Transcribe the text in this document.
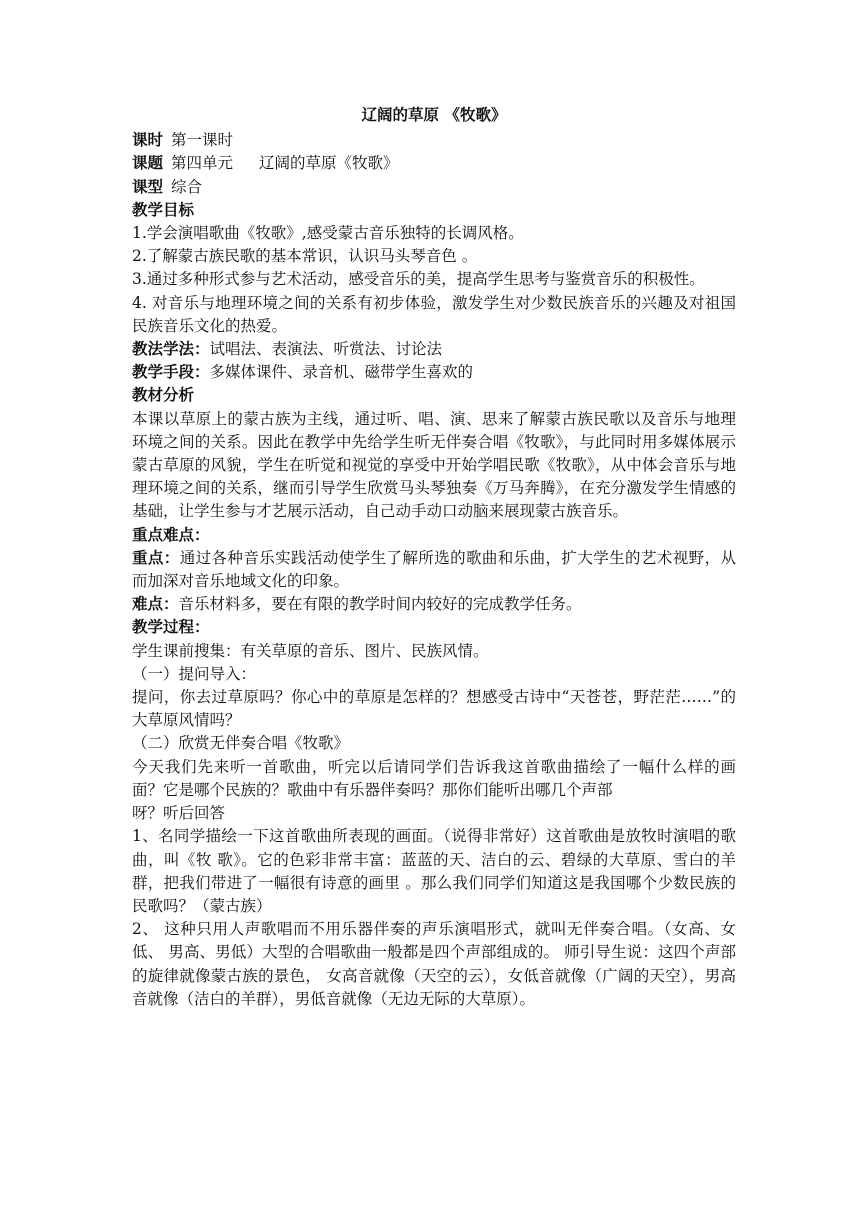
辽阔的草原 《牧歌》

课时 第一课时

课题 第四单元 辽阔的草原《牧歌》

课型 综合

教学目标

1.学会演唱歌曲《牧歌》,感受蒙古音乐独特的长调风格。

2.了解蒙古族民歌的基本常识，认识马头琴音色 。

3.通过多种形式参与艺术活动，感受音乐的美，提高学生思考与鉴赏音乐的积极性。

4. 对音乐与地理环境之间的关系有初步体验，激发学生对少数民族音乐的兴趣及对祖国民族音乐文化的热爱。

教法学法：试唱法、表演法、听赏法、讨论法

教学手段：多媒体课件、录音机、磁带学生喜欢的

教材分析

本课以草原上的蒙古族为主线，通过听、唱、演、思来了解蒙古族民歌以及音乐与地理环境之间的关系。因此在教学中先给学生听无伴奏合唱《牧歌》，与此同时用多媒体展示蒙古草原的风貌，学生在听觉和视觉的享受中开始学唱民歌《牧歌》，从中体会音乐与地理环境之间的关系，继而引导学生欣赏马头琴独奏《万马奔腾》，在充分激发学生情感的基础，让学生参与才艺展示活动，自己动手动口动脑来展现蒙古族音乐。

重点难点：

重点：通过各种音乐实践活动使学生了解所选的歌曲和乐曲，扩大学生的艺术视野，从而加深对音乐地域文化的印象。

难点：音乐材料多，要在有限的教学时间内较好的完成教学任务。

教学过程：

学生课前搜集：有关草原的音乐、图片、民族风情。

（一）提问导入：

提问，你去过草原吗？你心中的草原是怎样的？想感受古诗中“天苍苍，野茫茫……”的大草原风情吗？

（二）欣赏无伴奏合唱《牧歌》

今天我们先来听一首歌曲，听完以后请同学们告诉我这首歌曲描绘了一幅什么样的画面？它是哪个民族的？歌曲中有乐器伴奏吗？那你们能听出哪几个声部

呀？听后回答

1、名同学描绘一下这首歌曲所表现的画面。（说得非常好）这首歌曲是放牧时演唱的歌曲，叫《牧 歌》。它的色彩非常丰富：蓝蓝的天、洁白的云、碧绿的大草原、雪白的羊群，把我们带进了一幅很有诗意的画里 。那么我们同学们知道这是我国哪个少数民族的民歌吗？（蒙古族）

2、 这种只用人声歌唱而不用乐器伴奏的声乐演唱形式，就叫无伴奏合唱。（女高、女低、 男高、男低）大型的合唱歌曲一般都是四个声部组成的。 师引导生说：这四个声部的旋律就像蒙古族的景色， 女高音就像（天空的云），女低音就像（广阔的天空），男高音就像（洁白的羊群），男低音就像（无边无际的大草原）。
